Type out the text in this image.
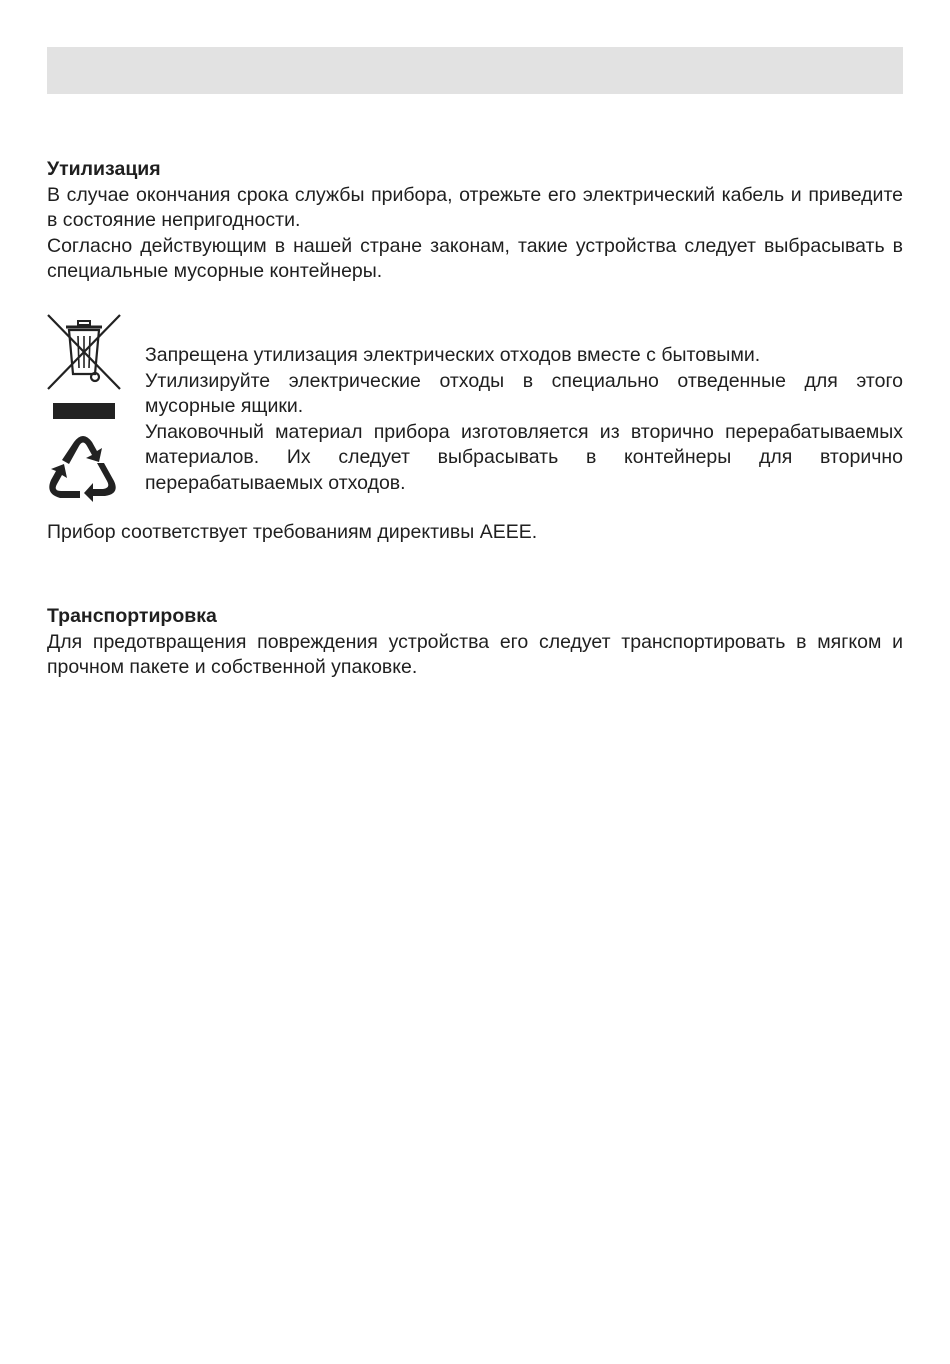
Утилизация

В случае окончания срока службы прибора, отрежьте его электрический кабель и приведите в состояние непригодности.

Согласно действующим в нашей стране законам, такие устройства следует выбрасывать в специальные мусорные контейнеры.

Запрещена утилизация электрических отходов вместе с бытовыми.

Утилизируйте электрические отходы в специально отведенные для этого мусорные ящики.

Упаковочный материал прибора изготовляется из вторично перерабатываемых материалов. Их следует выбрасывать в контейнеры для вторично перерабатываемых отходов.

Прибор соответствует требованиям директивы АЕЕЕ.

Транспортировка

Для предотвращения повреждения устройства его следует транспортировать в мягком и прочном пакете и собственной упаковке.
